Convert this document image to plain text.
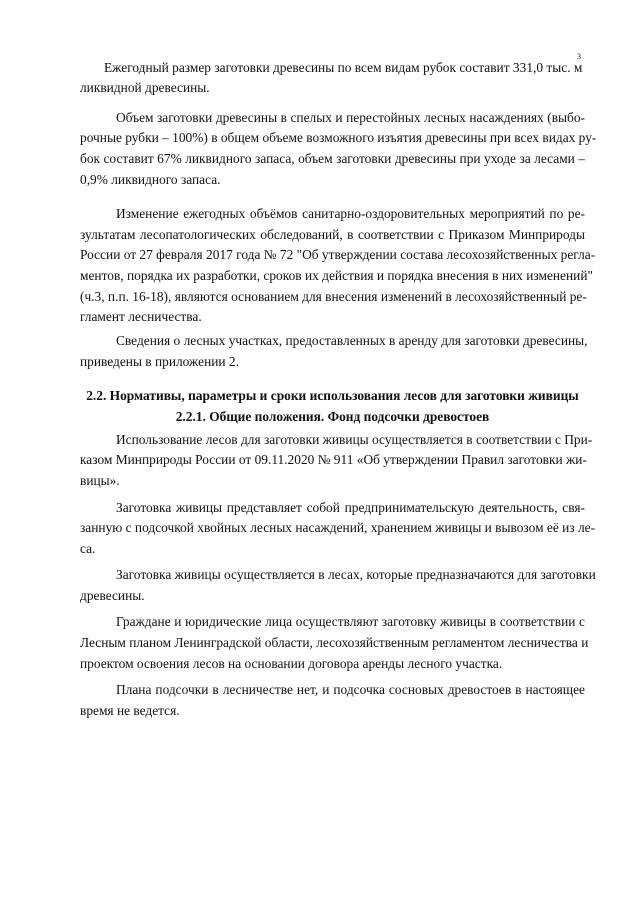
Ежегодный размер заготовки древесины по всем видам рубок составит 331,0 тыс. м
3
ликвидной древесины.
Объем заготовки древесины в спелых и перестойных лесных насаждениях (выбо-
рочные рубки – 100%) в общем объеме возможного изъятия древесины при всех видах ру-
бок составит 67% ликвидного запаса, объем заготовки древесины при уходе за лесами –
0,9% ликвидного запаса.
Изменение ежегодных объёмов санитарно-оздоровительных мероприятий по ре-
зультатам лесопатологических обследований, в соответствии с Приказом Минприроды
России от 27 февраля 2017 года № 72 "Об утверждении состава лесохозяйственных регла-
ментов, порядка их разработки, сроков их действия и порядка внесения в них изменений"
(ч.3, п.п. 16-18), являются основанием для внесения изменений в лесохозяйственный ре-
гламент лесничества.
Сведения о лесных участках, предоставленных в аренду для заготовки древесины,
приведены в приложении 2.
2.2. Нормативы, параметры и сроки использования лесов для заготовки живицы
2.2.1. Общие положения. Фонд подсочки древостоев
Использование лесов для заготовки живицы осуществляется в соответствии с При-
казом Минприроды России от 09.11.2020 № 911 «Об утверждении Правил заготовки жи-
вицы».
Заготовка живицы представляет собой предпринимательскую деятельность, свя-
занную с подсочкой хвойных лесных насаждений, хранением живицы и вывозом её из ле-
са.
Заготовка живицы осуществляется в лесах, которые предназначаются для заготовки
древесины.
Граждане и юридические лица осуществляют заготовку живицы в соответствии с
Лесным планом Ленинградской области, лесохозяйственным регламентом лесничества и
проектом освоения лесов на основании договора аренды лесного участка.
Плана подсочки в лесничестве нет, и подсочка сосновых древостоев в настоящее
время не ведется.
